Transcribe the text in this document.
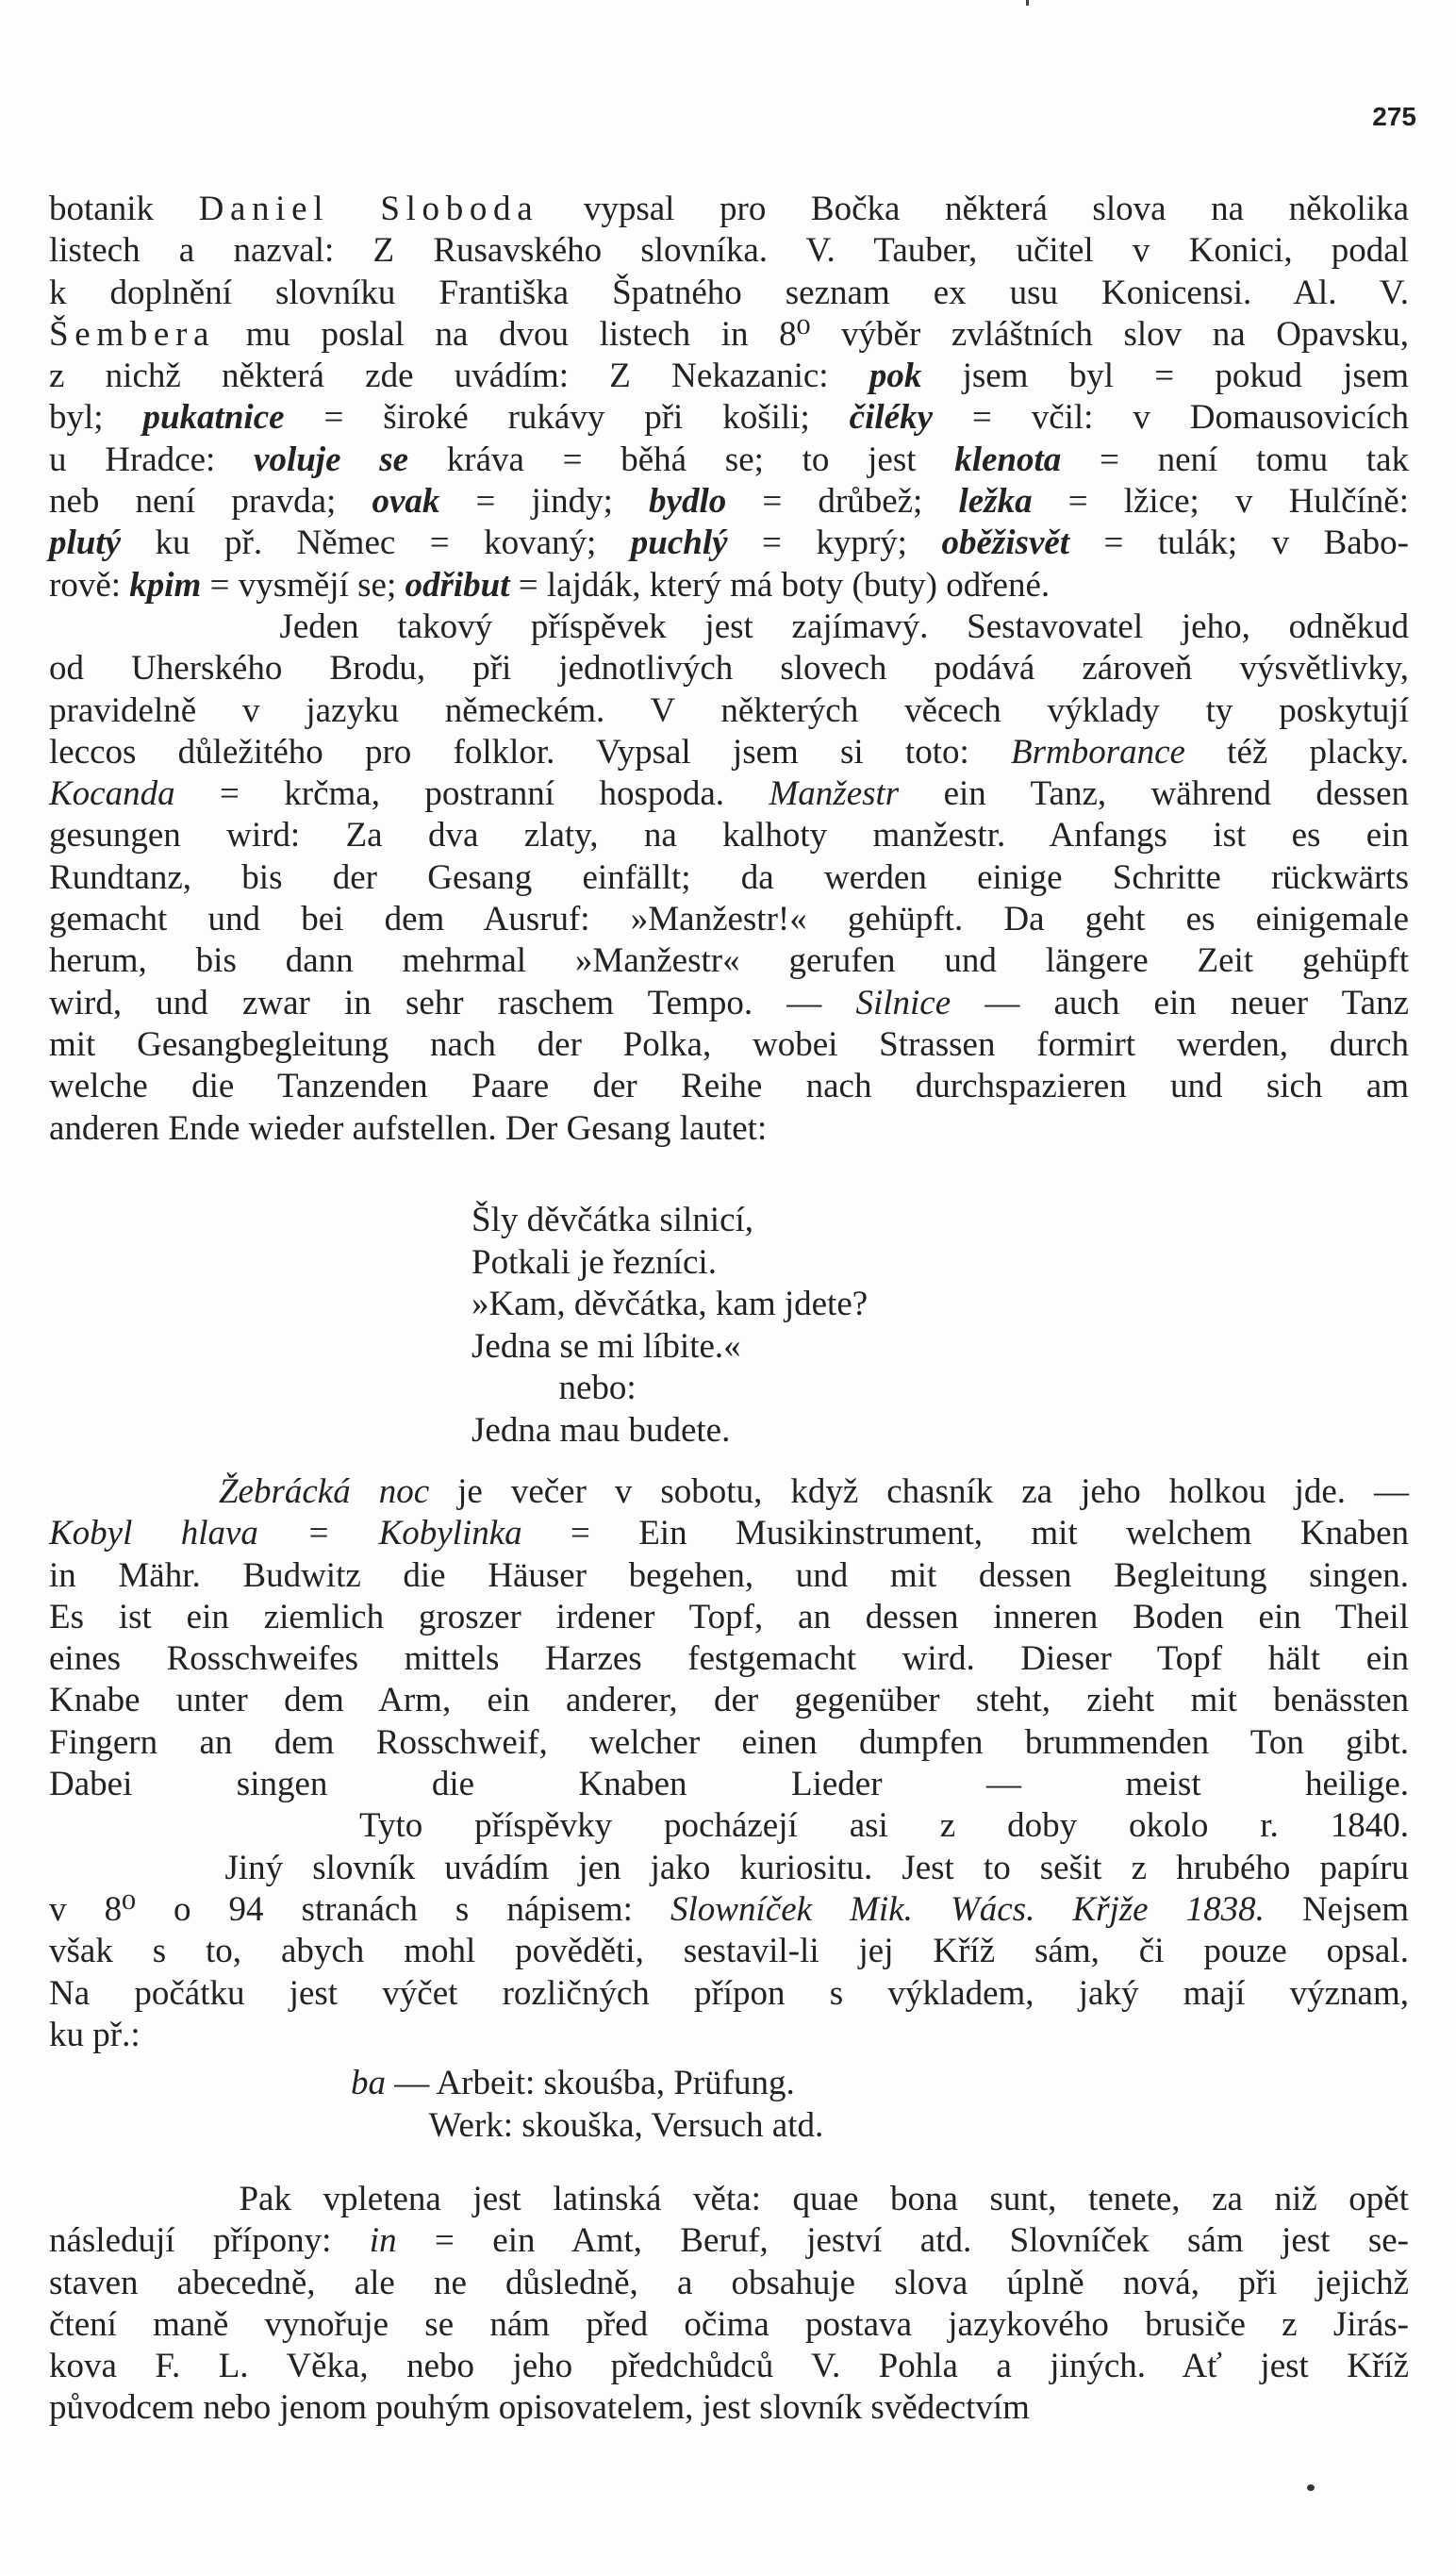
275
botanik Daniel Sloboda vypsal pro Bočka některá slova na několika
listech a nazval: Z Rusavského slovníka. V. Tauber, učitel v Konici, podal
k doplnění slovníku Františka Špatného seznam ex usu Konicensi. Al. V.
Šembera mu poslal na dvou listech in 8⁰ výběr zvláštních slov na Opavsku,
z nichž některá zde uvádím: Z Nekazanic: pok jsem byl = pokud jsem
byl; pukatnice = široké rukávy při košili; čiléky = včil: v Domausovicích
u Hradce: voluje se kráva = běhá se; to jest klenota = není tomu tak
neb není pravda; ovak = jindy; bydlo = drůbež; ležka = lžice; v Hulčíně:
plutý ku př. Němec = kovaný; puchlý = kyprý; oběžisvět = tulák; v Babo-
rově: kpim = vysmějí se; odřibut = lajdák, který má boty (buty) odřené.
Jeden takový příspěvek jest zajímavý. Sestavovatel jeho, odněkud
od Uherského Brodu, při jednotlivých slovech podává zároveň výsvětlivky,
pravidelně v jazyku německém. V některých věcech výklady ty poskytují
leccos důležitého pro folklor. Vypsal jsem si toto: Brmborance též placky.
Kocanda = krčma, postranní hospoda. Manžestr ein Tanz, während dessen
gesungen wird: Za dva zlaty, na kalhoty manžestr. Anfangs ist es ein
Rundtanz, bis der Gesang einfällt; da werden einige Schritte rückwärts
gemacht und bei dem Ausruf: »Manžestr!« gehüpft. Da geht es einigemale
herum, bis dann mehrmal »Manžestr« gerufen und längere Zeit gehüpft
wird, und zwar in sehr raschem Tempo. — Silnice — auch ein neuer Tanz
mit Gesangbegleitung nach der Polka, wobei Strassen formirt werden, durch
welche die Tanzenden Paare der Reihe nach durchspazieren und sich am
anderen Ende wieder aufstellen. Der Gesang lautet:
Šly děvčátka silnicí,
Potkali je řezníci.
»Kam, děvčátka, kam jdete?
Jedna se mi líbite.«
nebo:
Jedna mau budete.
Žebrácká noc je večer v sobotu, když chasník za jeho holkou jde. —
Kobyl hlava = Kobylinka = Ein Musikinstrument, mit welchem Knaben
in Mähr. Budwitz die Häuser begehen, und mit dessen Begleitung singen.
Es ist ein ziemlich groszer irdener Topf, an dessen inneren Boden ein Theil
eines Rosschweifes mittels Harzes festgemacht wird. Dieser Topf hält ein
Knabe unter dem Arm, ein anderer, der gegenüber steht, zieht mit benässten
Fingern an dem Rosschweif, welcher einen dumpfen brummenden Ton gibt.
Dabei singen die Knaben Lieder — meist heilige.
Tyto příspěvky pocházejí asi z doby okolo r. 1840.
Jiný slovník uvádím jen jako kuriositu. Jest to sešit z hrubého papíru
v 8⁰ o 94 stranách s nápisem: Slowníček Mik. Wács. Křjže 1838. Nejsem
však s to, abych mohl pověděti, sestavil-li jej Kříž sám, či pouze opsal.
Na počátku jest výčet rozličných přípon s výkladem, jaký mají význam,
ku př.:
ba — Arbeit: skouśba, Prüfung.
Werk: skouška, Versuch atd.
Pak vpletena jest latinská věta: quae bona sunt, tenete, za niž opět
následují přípony: in = ein Amt, Beruf, jeství atd. Slovníček sám jest se-
staven abecedně, ale ne důsledně, a obsahuje slova úplně nová, při jejichž
čtení maně vynořuje se nám před očima postava jazykového brusiče z Jirás-
kova F. L. Věka, nebo jeho předchůdců V. Pohla a jiných. Ať jest Kříž
původcem nebo jenom pouhým opisovatelem, jest slovník svědectvím
